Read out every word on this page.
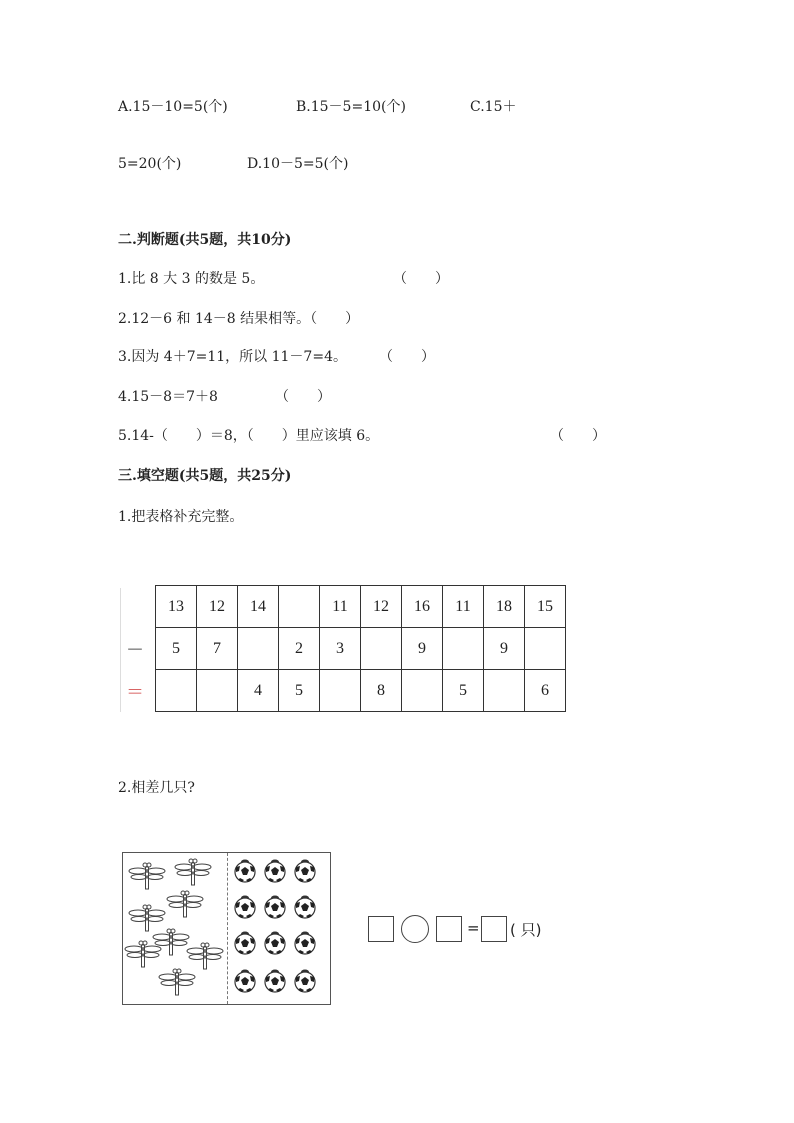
A.15－10=5(个)	B.15－5=10(个)	C.15＋
5=20(个)	D.10－5=5(个)
二.判断题(共5题，共10分)
1.比 8 大 3 的数是 5。	（　　）
2.12－6 和 14－8 结果相等。（　　）
3.因为 4＋7=11，所以 11－7=4。 （　　）
4.15－8＝7＋8	（　　）
5.14-（　　）＝8，（　　）里应该填 6。	（　　）
三.填空题(共5题，共25分)
1.把表格补充完整。
－
＝
13	12	14		11	12	16	11	18	15
5	7		2	3		9		9	
		4	5		8		5		6
2.相差几只?
= ( 只)
